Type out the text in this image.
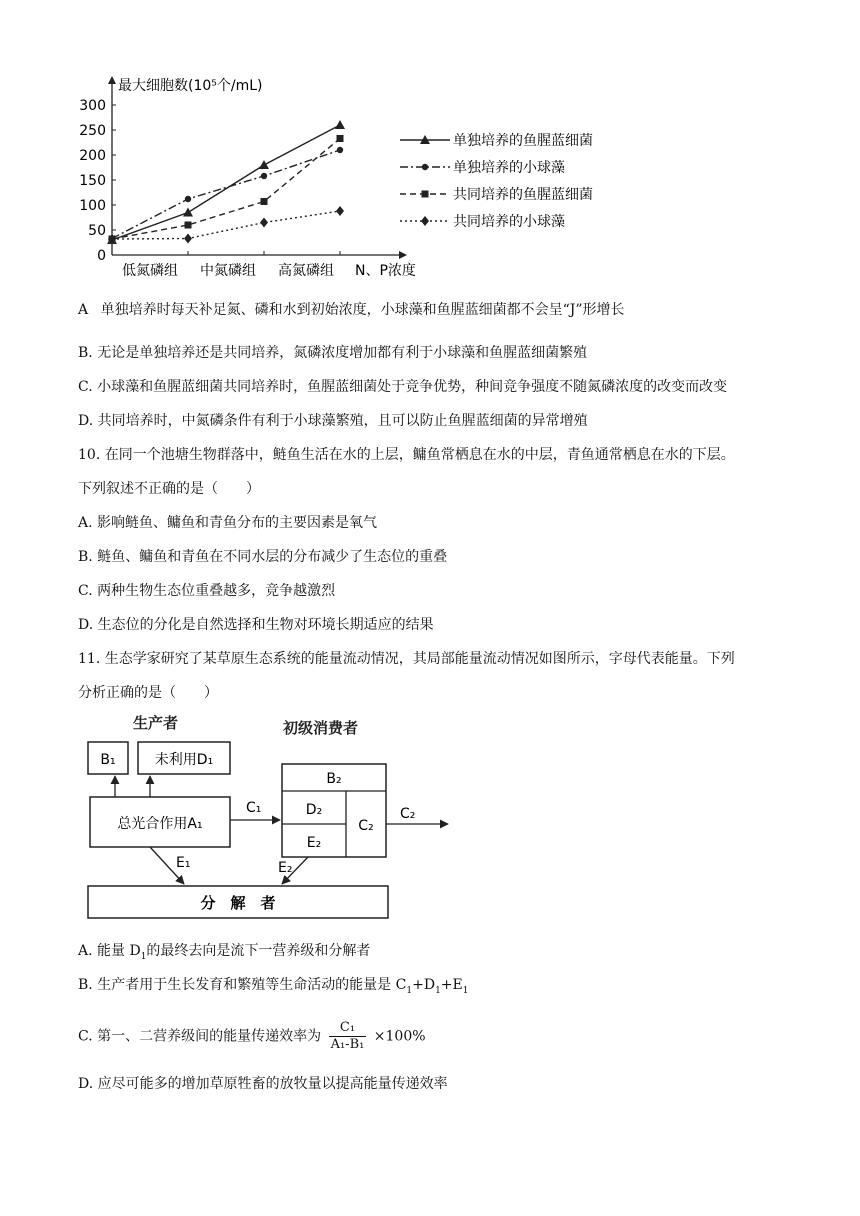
最大细胞数(10⁵个/mL)
0
50
100
150
200
250
300
低氮磷组 中氮磷组 高氮磷组 N、P浓度
单独培养的鱼腥蓝细菌
单独培养的小球藻
共同培养的鱼腥蓝细菌
共同培养的小球藻
A 单独培养时每天补足氮、磷和水到初始浓度，小球藻和鱼腥蓝细菌都不会呈“J”形增长
B. 无论是单独培养还是共同培养，氮磷浓度增加都有利于小球藻和鱼腥蓝细菌繁殖
C. 小球藻和鱼腥蓝细菌共同培养时，鱼腥蓝细菌处于竞争优势，种间竞争强度不随氮磷浓度的改变而改变
D. 共同培养时，中氮磷条件有利于小球藻繁殖，且可以防止鱼腥蓝细菌的异常增殖
10. 在同一个池塘生物群落中，鲢鱼生活在水的上层，鳙鱼常栖息在水的中层，青鱼通常栖息在水的下层。
下列叙述不正确的是（　　）
A. 影响鲢鱼、鳙鱼和青鱼分布的主要因素是氧气
B. 鲢鱼、鳙鱼和青鱼在不同水层的分布减少了生态位的重叠
C. 两种生物生态位重叠越多，竞争越激烈
D. 生态位的分化是自然选择和生物对环境长期适应的结果
11. 生态学家研究了某草原生态系统的能量流动情况，其局部能量流动情况如图所示，字母代表能量。下列
分析正确的是（　　）
生产者	初级消费者
B₁	未利用D₁
总光合作用A₁
C₁
B₂
D₂
E₂
C₂
C₂
E₁	E₂
分　解　者
A. 能量 $D_1$的最终去向是流下一营养级和分解者
B. 生产者用于生长发育和繁殖等生命活动的能量是 $C_1+D_1+E_1$
C. 第一、二营养级间的能量传递效率为 $\frac{\text{C₁}}{\text{A₁-B₁}} \times 100\%$
D. 应尽可能多的增加草原牲畜的放牧量以提高能量传递效率
